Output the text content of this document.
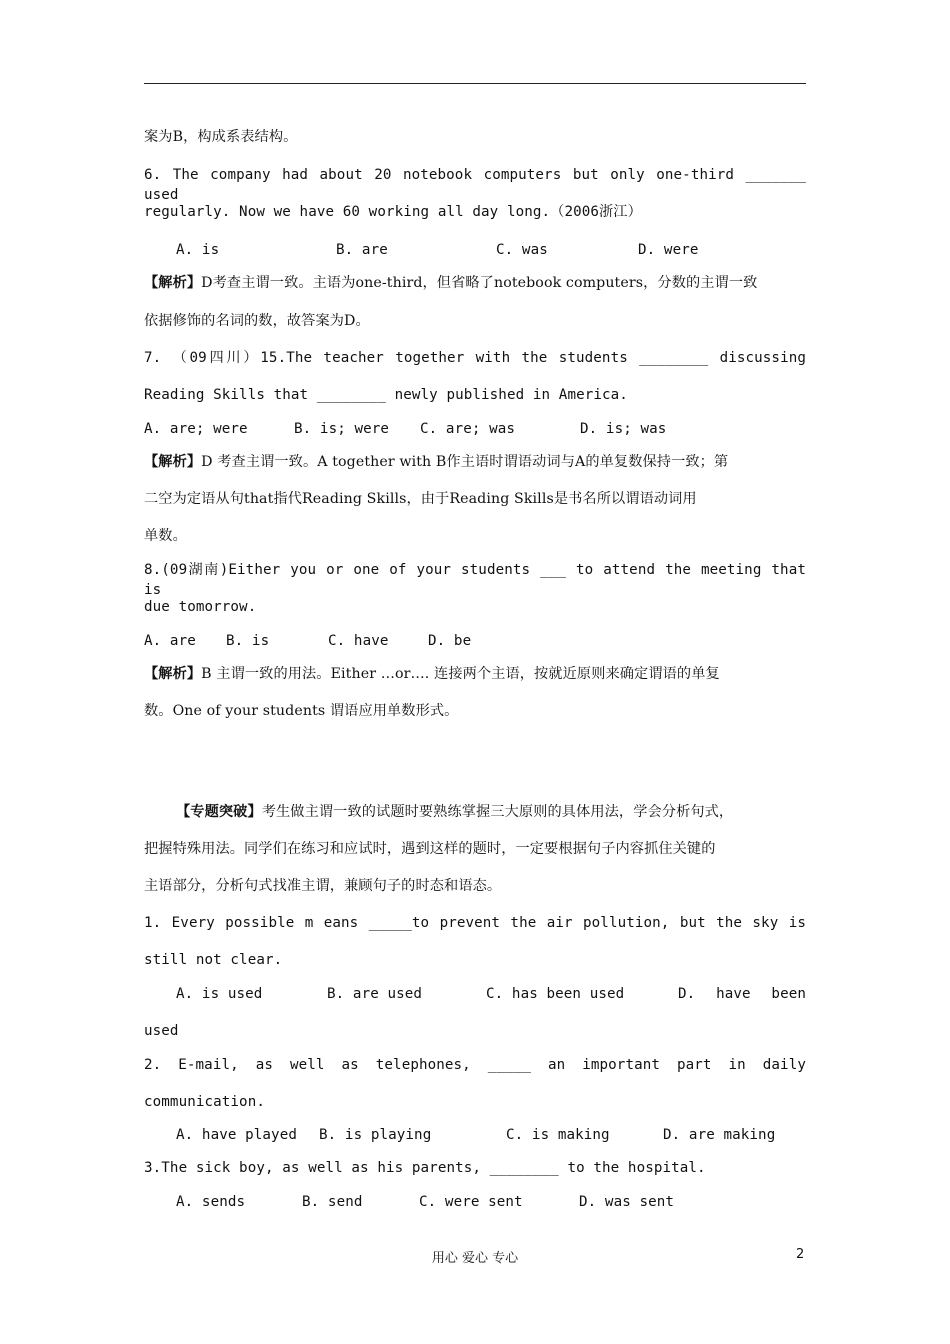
案为B，构成系表结构。
6. The company had about 20 notebook computers but only one-third _______ used
regularly. Now we have 60 working all day long.（2006浙江）
A. is	B. are	C. was	D. were
【解析】D考查主谓一致。主语为one-third，但省略了notebook computers，分数的主谓一致
依据修饰的名词的数，故答案为D。
7. （09四川）15.The teacher together with the students ________ discussing
Reading Skills that ________ newly published in America.
A. are; were	B. is; were C. are; was	D. is; was
【解析】D 考查主谓一致。A together with B作主语时谓语动词与A的单复数保持一致；第
二空为定语从句that指代Reading Skills，由于Reading Skills是书名所以谓语动词用
单数。
8.(09湖南)Either you or one of your students ___ to attend the meeting that is
due tomorrow.
A. are B. is	C. have	D. be
【解析】B 主谓一致的用法。Either …or…. 连接两个主语，按就近原则来确定谓语的单复
数。One of your students 谓语应用单数形式。
【专题突破】考生做主谓一致的试题时要熟练掌握三大原则的具体用法，学会分析句式，
把握特殊用法。同学们在练习和应试时，遇到这样的题时，一定要根据句子内容抓住关键的
主语部分，分析句式找准主谓，兼顾句子的时态和语态。
1. Every possible m eans _____to prevent the air pollution, but the sky is
still not clear.
A. is used	B. are used	C. has been used	D.  have  been
used
2. E-mail, as well as telephones, _____ an important part in daily
communication.
A. have played B. is playing	C. is making	D. are making
3.The sick boy, as well as his parents, ________ to the hospital.
A. sends	B. send	C. were sent	D. was sent
用心 爱心 专心	2
